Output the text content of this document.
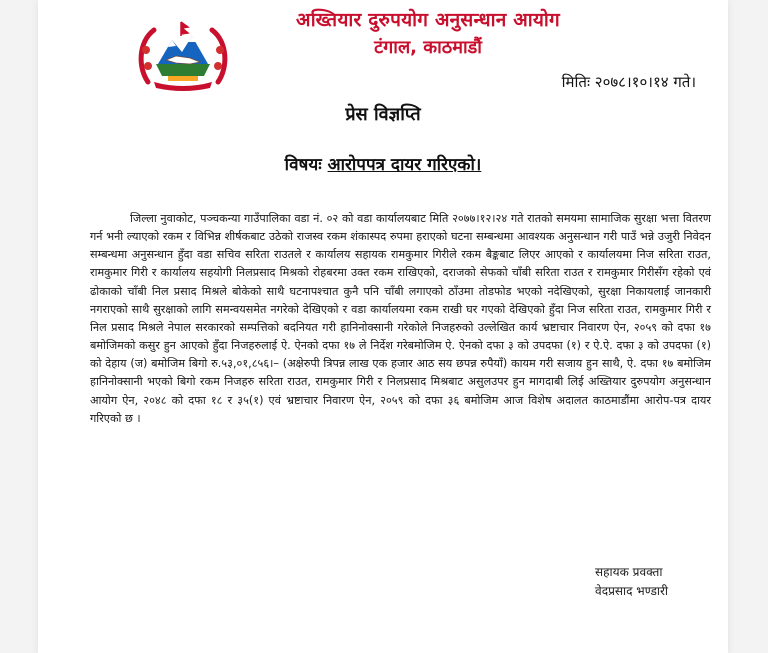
अख्तियार दुरुपयोग अनुसन्धान आयोग
टंगाल, काठमाडौं
मितिः २०७८।१०।१४ गते।
प्रेस विज्ञप्ति
विषयः आरोपपत्र दायर गरिएको।
जिल्ला नुवाकोट, पञ्चकन्या गाउँपालिका वडा नं. ०२ को वडा कार्यालयबाट मिति २०७७।१२।२४ गते रातको समयमा सामाजिक सुरक्षा भत्ता वितरण गर्न भनी ल्याएको रकम र विभिन्न शीर्षकबाट उठेको राजस्व रकम शंकास्पद रुपमा हराएको घटना सम्बन्धमा आवश्यक अनुसन्धान गरी पाउँ भन्ने उजुरी निवेदन सम्बन्धमा अनुसन्धान हुँदा वडा सचिव सरिता राउतले र कार्यालय सहायक रामकुमार गिरीले रकम बैङ्कबाट लिएर आएको र कार्यालयमा निज सरिता राउत, रामकुमार गिरी र कार्यालय सहयोगी निलप्रसाद मिश्रको रोहबरमा उक्त रकम राखिएको, दराजको सेफको चाँबी सरिता राउत र रामकुमार गिरीसँग रहेको एवं ढोकाको चाँबी निल प्रसाद मिश्रले बोकेको साथै घटनापश्चात कुनै पनि चाँबी लगाएको ठाँउमा तोडफोड भएको नदेखिएको, सुरक्षा निकायलाई जानकारी नगराएको साथै सुरक्षाको लागि समन्वयसमेत नगरेको देखिएको र वडा कार्यालयमा रकम राखी घर गएको देखिएको हुँदा निज सरिता राउत, रामकुमार गिरी र निल प्रसाद मिश्रले नेपाल सरकारको सम्पत्तिको बदनियत गरी हानिनोक्सानी गरेकोले निजहरुको उल्लेखित कार्य भ्रष्टाचार निवारण ऐन, २०५९ को दफा १७ बमोजिमको कसुर हुन आएको हुँदा निजहरुलाई ऐ. ऐनको दफा १७ ले निर्देश गरेबमोजिम ऐ. ऐनको दफा ३ को उपदफा (१) र ऐ.ऐ. दफा ३ को उपदफा (१) को देहाय (ज) बमोजिम बिगो रु.५३,०१,८५६।– (अक्षेरुपी त्रिपन्न लाख एक हजार आठ सय छपन्न रुपैयाँ) कायम गरी सजाय हुन साथै, ऐ. दफा १७ बमोजिम हानिनोक्सानी भएको बिगो रकम निजहरु सरिता राउत, रामकुमार गिरी र निलप्रसाद मिश्रबाट असुलउपर हुन मागदाबी लिई अख्तियार दुरुपयोग अनुसन्धान आयोग ऐन, २०४८ को दफा १८ र ३५(१) एवं भ्रष्टाचार निवारण ऐन, २०५९ को दफा ३६ बमोजिम आज विशेष अदालत काठमाडौंमा आरोप-पत्र दायर गरिएको छ ।
सहायक प्रवक्ता
वेदप्रसाद भण्डारी
